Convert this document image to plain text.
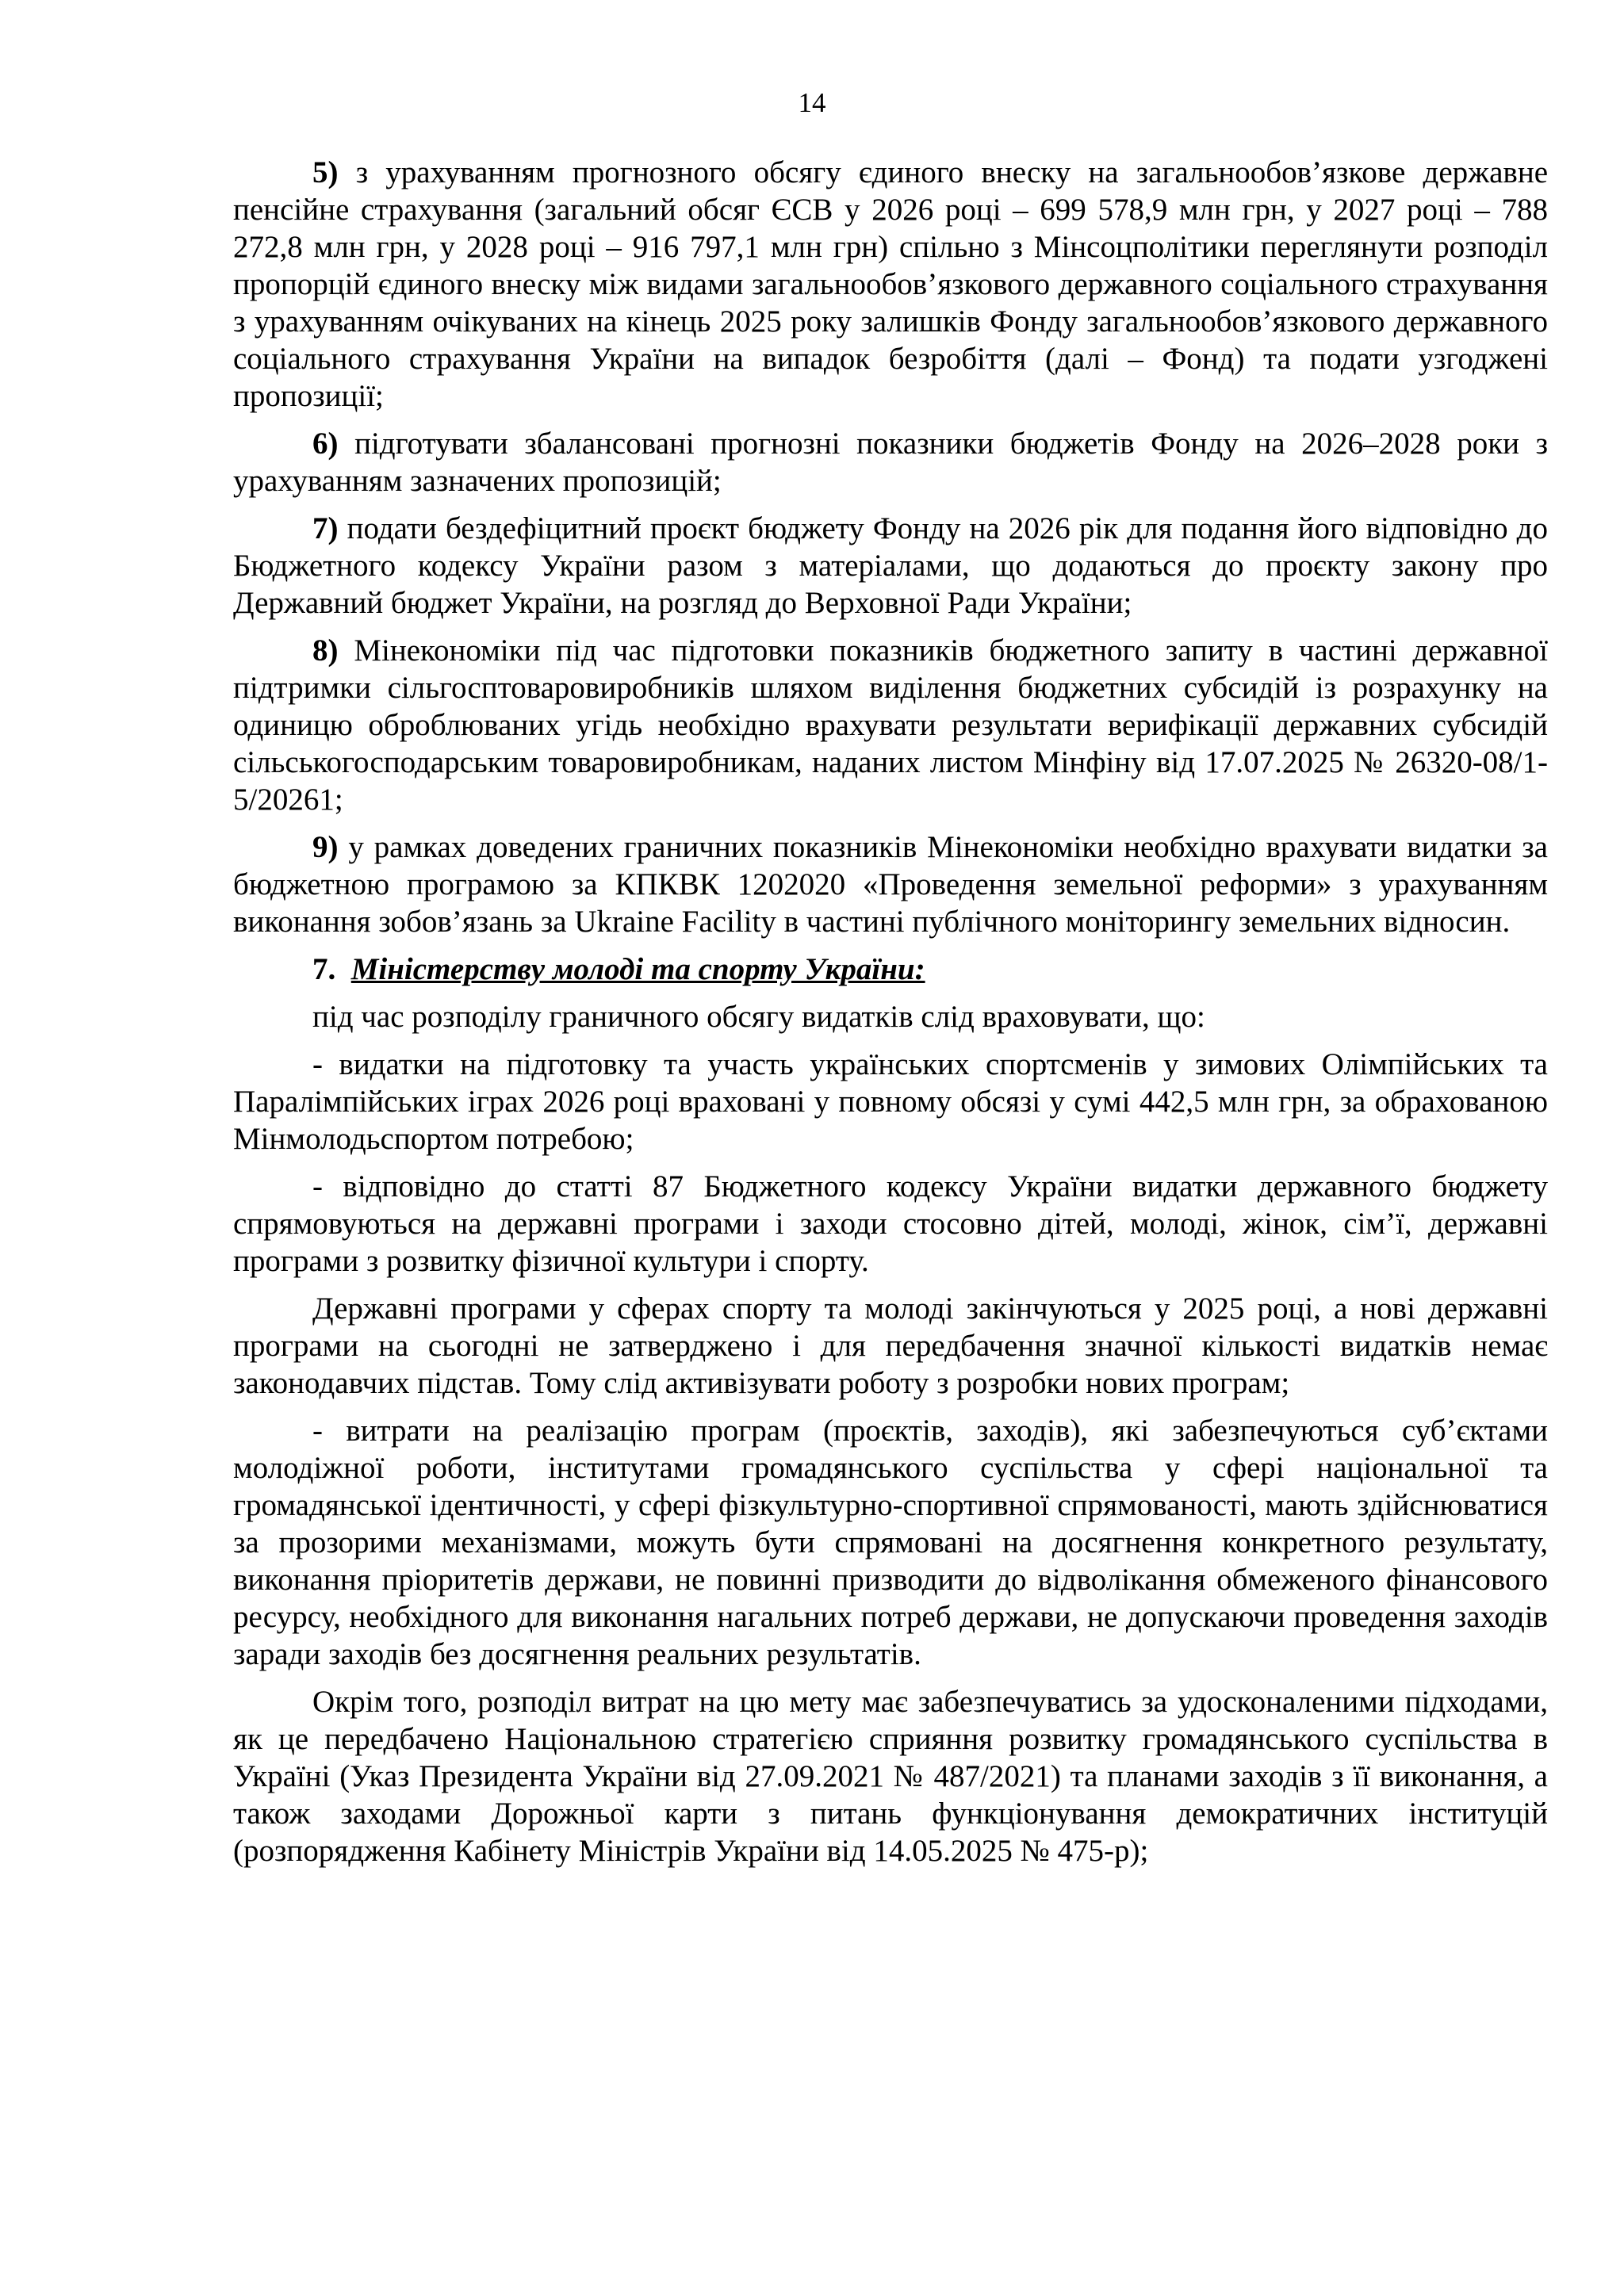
14

5) з урахуванням прогнозного обсягу єдиного внеску на загальнообов’язкове державне пенсійне страхування (загальний обсяг ЄСВ у 2026 році – 699 578,9 млн грн, у 2027 році – 788 272,8 млн грн, у 2028 році – 916 797,1 млн грн) спільно з Мінсоцполітики переглянути розподіл пропорцій єдиного внеску між видами загальнообов’язкового державного соціального страхування з урахуванням очікуваних на кінець 2025 року залишків Фонду загальнообов’язкового державного соціального страхування України на випадок безробіття (далі – Фонд) та подати узгоджені пропозиції;

6) підготувати збалансовані прогнозні показники бюджетів Фонду на 2026–2028 роки з урахуванням зазначених пропозицій;

7) подати бездефіцитний проєкт бюджету Фонду на 2026 рік для подання його відповідно до Бюджетного кодексу України разом з матеріалами, що додаються до проєкту закону про Державний бюджет України, на розгляд до Верховної Ради України;

8) Мінекономіки під час підготовки показників бюджетного запиту в частині державної підтримки сільгосптоваровиробників шляхом виділення бюджетних субсидій із розрахунку на одиницю оброблюваних угідь необхідно врахувати результати верифікації державних субсидій сільськогосподарським товаровиробникам, наданих листом Мінфіну від 17.07.2025 № 26320-08/1-5/20261;

9) у рамках доведених граничних показників Мінекономіки необхідно врахувати видатки за бюджетною програмою за КПКВК 1202020 «Проведення земельної реформи» з урахуванням виконання зобов’язань за Ukraine Facility в частині публічного моніторингу земельних відносин.

7. Міністерству молоді та спорту України:

під час розподілу граничного обсягу видатків слід враховувати, що:

- видатки на підготовку та участь українських спортсменів у зимових Олімпійських та Паралімпійських іграх 2026 році враховані у повному обсязі у сумі 442,5 млн грн, за обрахованою Мінмолодьспортом потребою;

- відповідно до статті 87 Бюджетного кодексу України видатки державного бюджету спрямовуються на державні програми і заходи стосовно дітей, молоді, жінок, сім’ї, державні програми з розвитку фізичної культури і спорту.

Державні програми у сферах спорту та молоді закінчуються у 2025 році, а нові державні програми на сьогодні не затверджено і для передбачення значної кількості видатків немає законодавчих підстав. Тому слід активізувати роботу з розробки нових програм;

- витрати на реалізацію програм (проєктів, заходів), які забезпечуються суб’єктами молодіжної роботи, інститутами громадянського суспільства у сфері національної та громадянської ідентичності, у сфері фізкультурно-спортивної спрямованості, мають здійснюватися за прозорими механізмами, можуть бути спрямовані на досягнення конкретного результату, виконання пріоритетів держави, не повинні призводити до відволікання обмеженого фінансового ресурсу, необхідного для виконання нагальних потреб держави, не допускаючи проведення заходів заради заходів без досягнення реальних результатів.

Окрім того, розподіл витрат на цю мету має забезпечуватись за удосконаленими підходами, як це передбачено Національною стратегією сприяння розвитку громадянського суспільства в Україні (Указ Президента України від 27.09.2021 № 487/2021) та планами заходів з її виконання, а також заходами Дорожньої карти з питань функціонування демократичних інституцій (розпорядження Кабінету Міністрів України від 14.05.2025 № 475-р);
